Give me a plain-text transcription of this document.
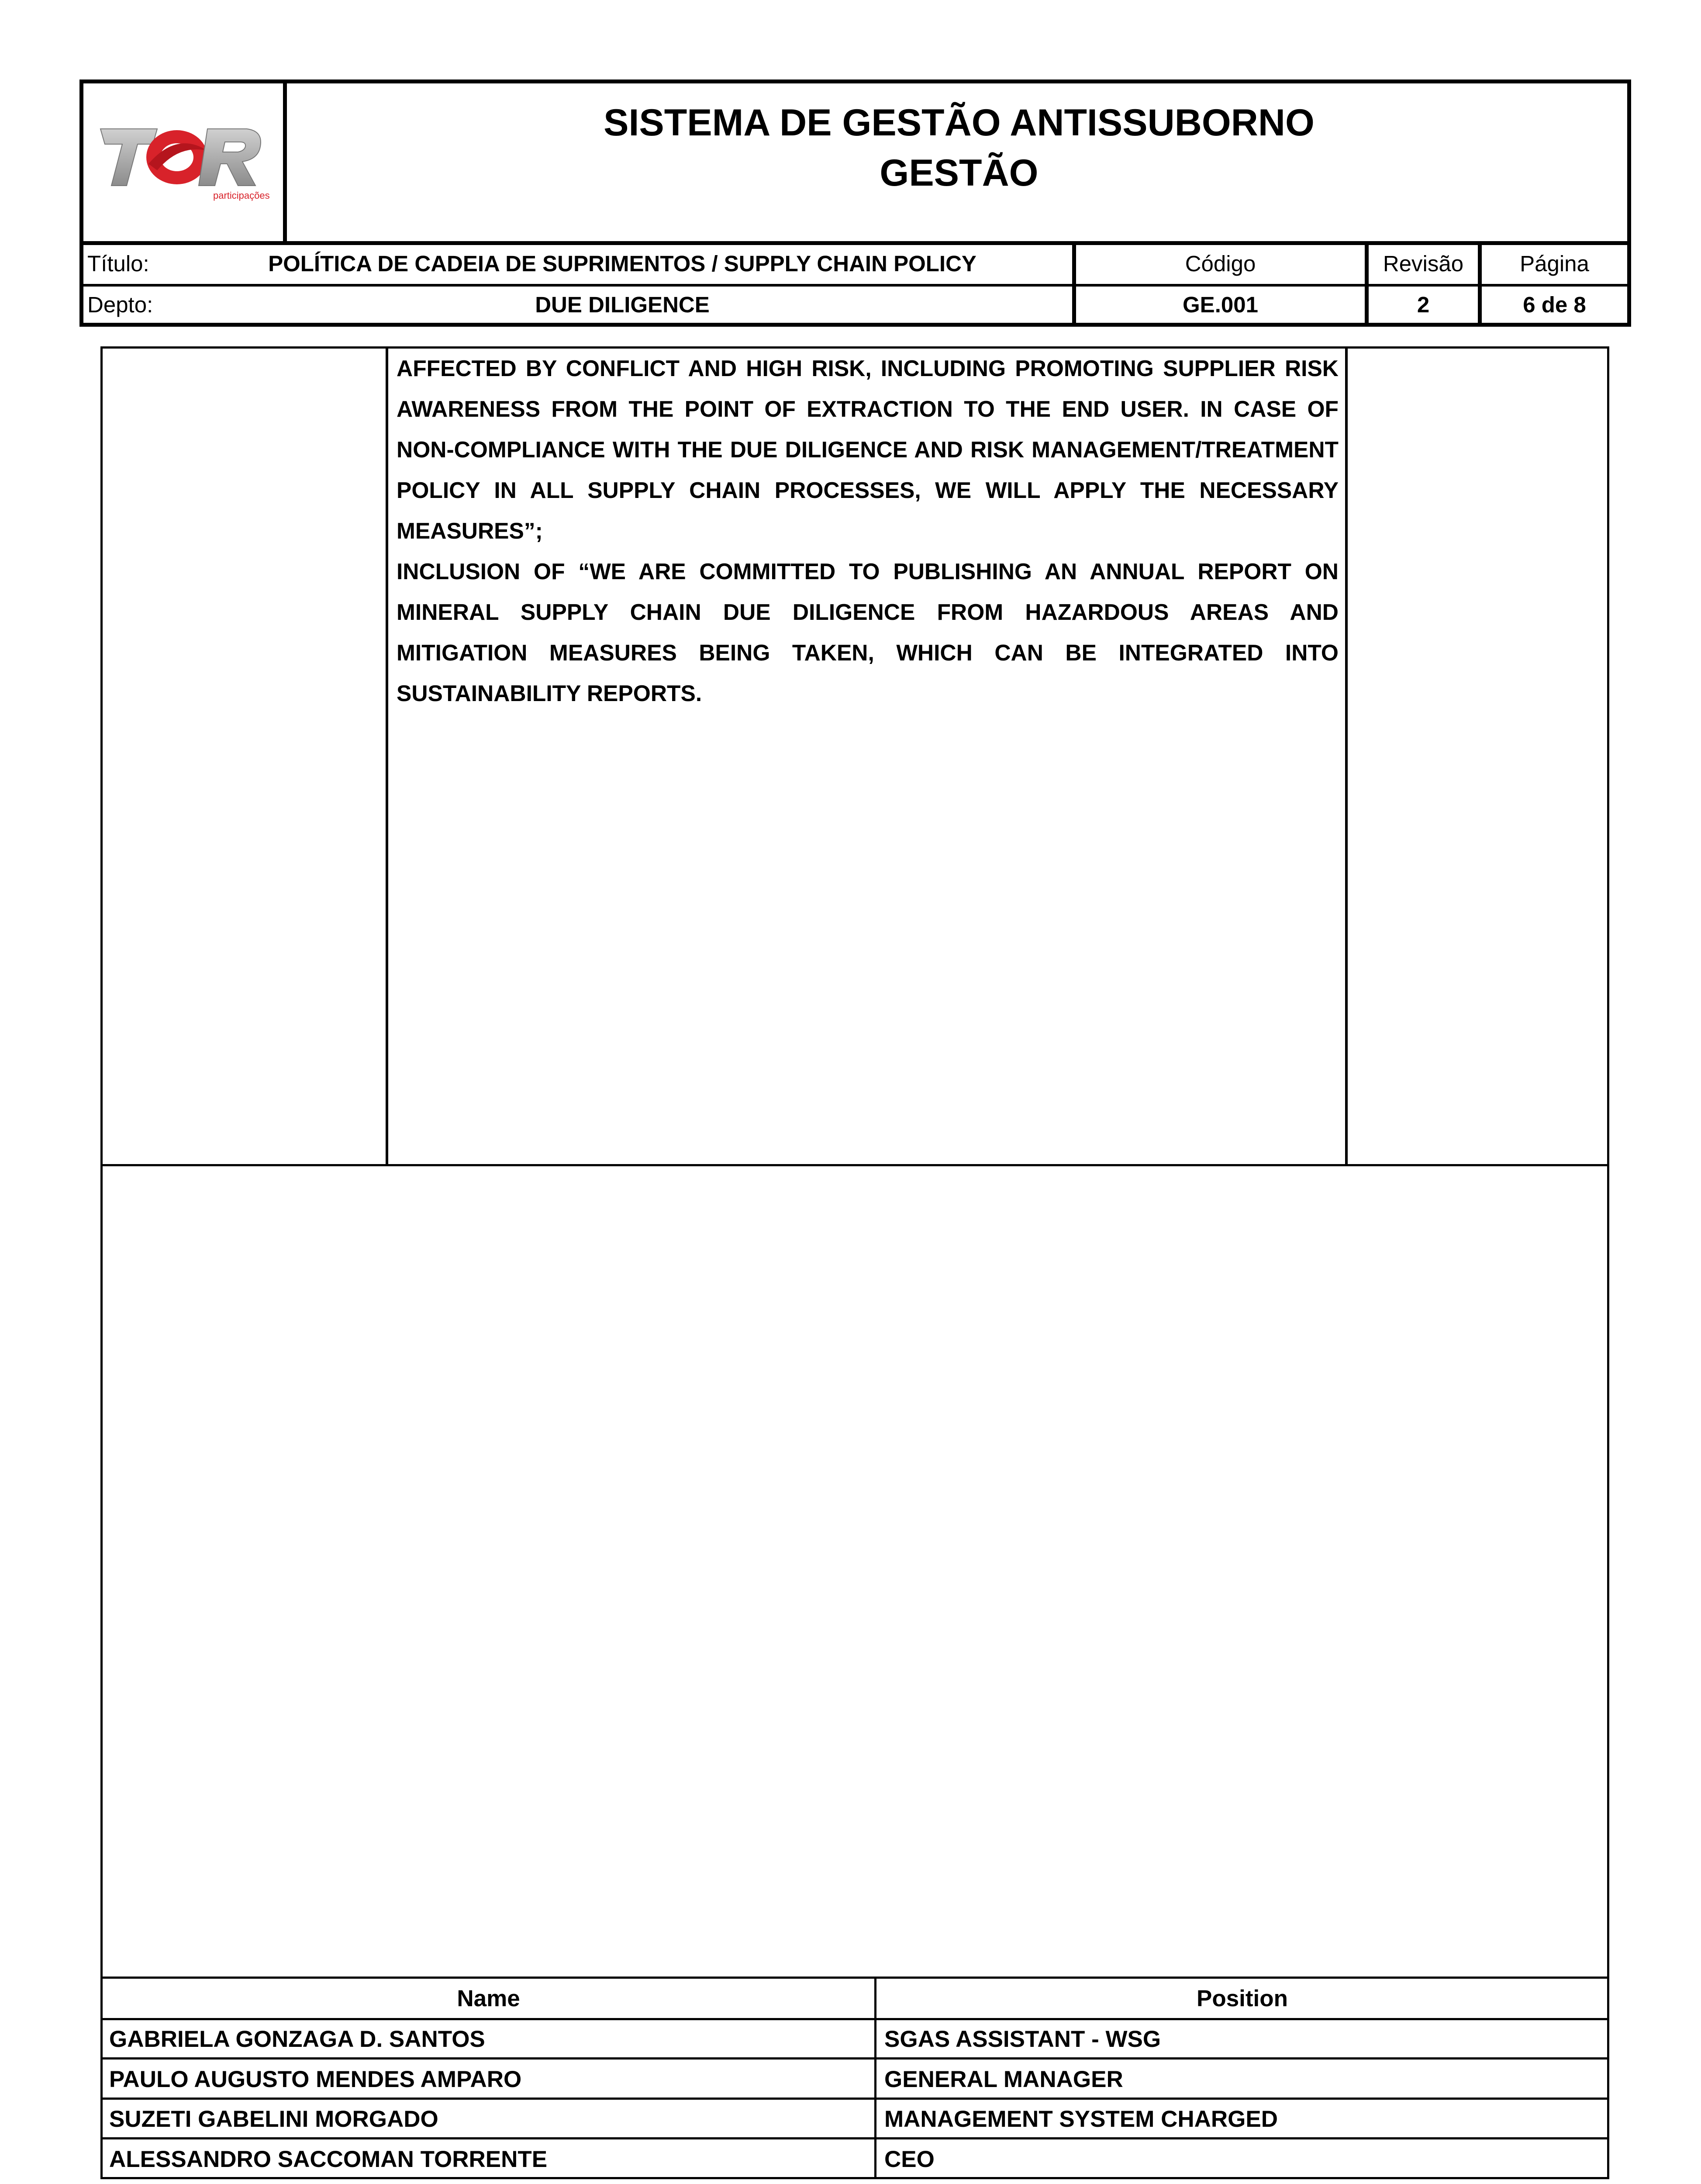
participações
SISTEMA DE GESTÃO ANTISSUBORNO
GESTÃO
Título:	POLÍTICA DE CADEIA DE SUPRIMENTOS / SUPPLY CHAIN POLICY	Código	Revisão	Página
Depto:	DUE DILIGENCE	GE.001	2	6 de 8

AFFECTED BY CONFLICT AND HIGH RISK, INCLUDING PROMOTING SUPPLIER RISK AWARENESS FROM THE POINT OF EXTRACTION TO THE END USER. IN CASE OF NON-COMPLIANCE WITH THE DUE DILIGENCE AND RISK MANAGEMENT/TREATMENT POLICY IN ALL SUPPLY CHAIN PROCESSES, WE WILL APPLY THE NECESSARY MEASURES”;

INCLUSION OF “WE ARE COMMITTED TO PUBLISHING AN ANNUAL REPORT ON MINERAL SUPPLY CHAIN DUE DILIGENCE FROM HAZARDOUS AREAS AND MITIGATION MEASURES BEING TAKEN, WHICH CAN BE INTEGRATED INTO SUSTAINABILITY REPORTS.

Name	Position
GABRIELA GONZAGA D. SANTOS	SGAS ASSISTANT - WSG
PAULO AUGUSTO MENDES AMPARO	GENERAL MANAGER
SUZETI GABELINI MORGADO	MANAGEMENT SYSTEM CHARGED
ALESSANDRO SACCOMAN TORRENTE	CEO
